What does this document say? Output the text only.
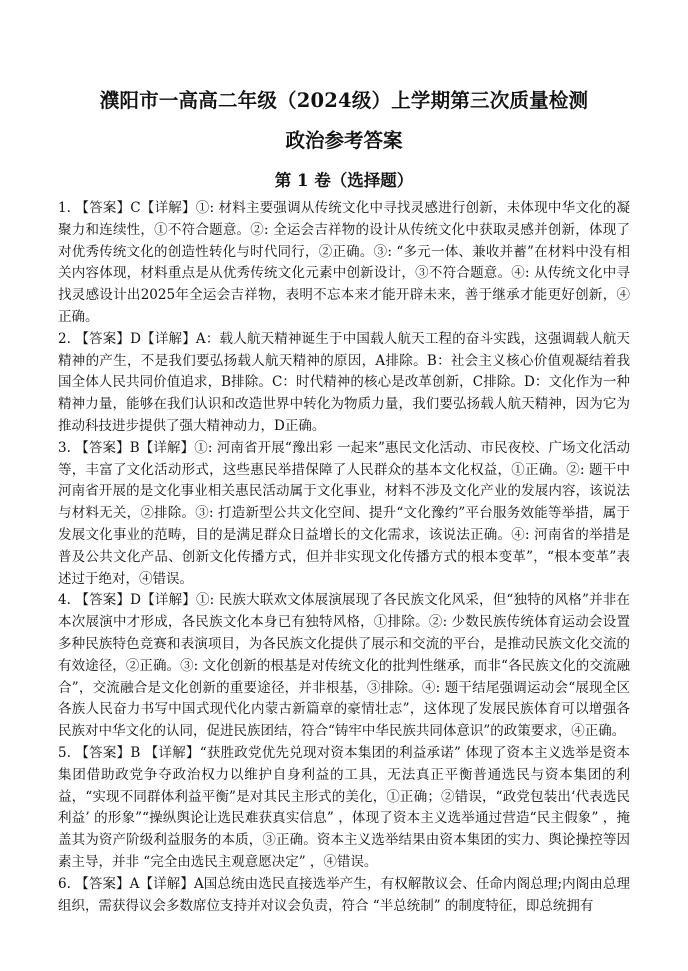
濮阳市一高高二年级（2024级）上学期第三次质量检测
政治参考答案
第 1 卷（选择题）

1. 【答案】C【详解】①: 材料主要强调从传统文化中寻找灵感进行创新，未体现中华文化的凝聚力和连续性，①不符合题意。②: 全运会吉祥物的设计从传统文化中获取灵感并创新，体现了对优秀传统文化的创造性转化与时代同行，②正确。③: “多元一体、兼收并蓄”在材料中没有相关内容体现，材料重点是从优秀传统文化元素中创新设计，③不符合题意。④: 从传统文化中寻找灵感设计出2025年全运会吉祥物，表明不忘本来才能开辟未来，善于继承才能更好创新，④正确。

2. 【答案】D【详解】A：载人航天精神诞生于中国载人航天工程的奋斗实践，这强调载人航天精神的产生，不是我们要弘扬载人航天精神的原因，A排除。B：社会主义核心价值观凝结着我国全体人民共同价值追求，B排除。C：时代精神的核心是改革创新，C排除。D：文化作为一种精神力量，能够在我们认识和改造世界中转化为物质力量，我们要弘扬载人航天精神，因为它为推动科技进步提供了强大精神动力，D正确。

3. 【答案】B【详解】①: 河南省开展“豫出彩 一起来”惠民文化活动、市民夜校、广场文化活动等，丰富了文化活动形式，这些惠民举措保障了人民群众的基本文化权益，①正确。②: 题干中河南省开展的是文化事业相关惠民活动属于文化事业，材料不涉及文化产业的发展内容，该说法与材料无关，②排除。③: 打造新型公共文化空间、提升“文化豫约”平台服务效能等举措，属于发展文化事业的范畴，目的是满足群众日益增长的文化需求，该说法正确。④: 河南省的举措是普及公共文化产品、创新文化传播方式，但并非实现文化传播方式的根本变革”，“根本变革”表述过于绝对，④错误。

4. 【答案】D【详解】①: 民族大联欢文体展演展现了各民族文化风采，但“独特的风格”并非在本次展演中才形成，各民族文化本身已有独特风格，①排除。②: 少数民族传统体育运动会设置多种民族特色竞赛和表演项目，为各民族文化提供了展示和交流的平台，是推动民族文化交流的有效途径，②正确。③: 文化创新的根基是对传统文化的批判性继承，而非“各民族文化的交流融合”，交流融合是文化创新的重要途径，并非根基，③排除。④: 题干结尾强调运动会“展现全区各族人民奋力书写中国式现代化内蒙古新篇章的豪情壮志”，这体现了发展民族体育可以增强各民族对中华文化的认同，促进民族团结，符合“铸牢中华民族共同体意识”的政策要求，④正确。

5. 【答案】B 【详解】“获胜政党优先兑现对资本集团的利益承诺” 体现了资本主义选举是资本集团借助政党争夺政治权力以维护自身利益的工具，无法真正平衡普通选民与资本集团的利益，“实现不同群体利益平衡”是对其民主形式的美化，①正确；②错误，“政党包装出‘代表选民利益’ 的形象”“操纵舆论让选民难获真实信息” ，体现了资本主义选举通过营造“民主假象” ，掩盖其为资产阶级利益服务的本质，③正确。资本主义选举结果由资本集团的实力、舆论操控等因素主导，并非 “完全由选民主观意愿决定” ，④错误。

6. 【答案】A【详解】A国总统由选民直接选举产生，有权解散议会、任命内阁总理;内阁由总理组织，需获得议会多数席位支持并对议会负责，符合 “半总统制” 的制度特征，即总统拥有
